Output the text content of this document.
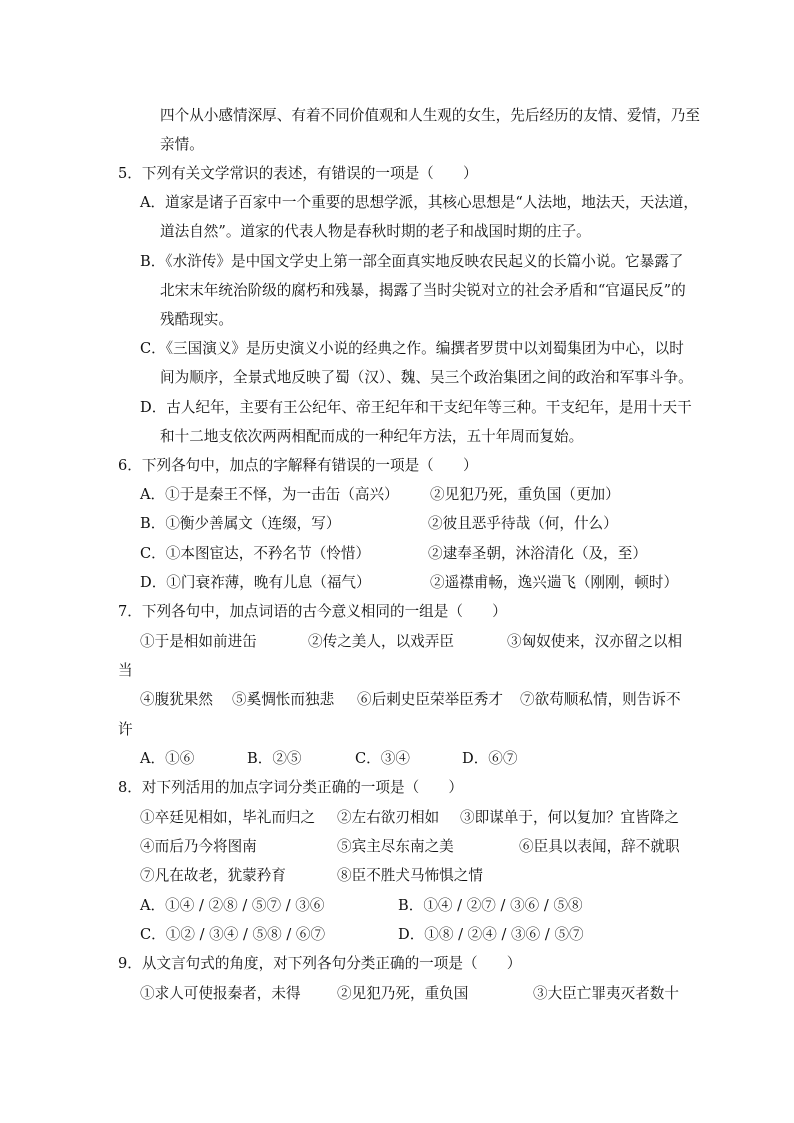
四个从小感情深厚、有着不同价值观和人生观的女生，先后经历的友情、爱情，乃至
亲情。
5．下列有关文学常识的表述，有错误的一项是（　　）
A．道家是诸子百家中一个重要的思想学派，其核心思想是“人法地，地法天，天法道，
道法自然”。道家的代表人物是春秋时期的老子和战国时期的庄子。
B．《水浒传》是中国文学史上第一部全面真实地反映农民起义的长篇小说。它暴露了
北宋末年统治阶级的腐朽和残暴，揭露了当时尖锐对立的社会矛盾和“官逼民反”的
残酷现实。
C．《三国演义》是历史演义小说的经典之作。编撰者罗贯中以刘蜀集团为中心，以时
间为顺序，全景式地反映了蜀（汉）、魏、吴三个政治集团之间的政治和军事斗争。
D．古人纪年，主要有王公纪年、帝王纪年和干支纪年等三种。干支纪年，是用十天干
和十二地支依次两两相配而成的一种纪年方法，五十年周而复始。
6．下列各句中，加点的字解释有错误的一项是（　　）
A．①于是秦王不怿，为一击缶（高兴） ②见犯乃死，重负国（更加）
B．①衡少善属文（连缀，写）	②彼且恶乎待哉（何，什么）
C．①本图宦达，不矜名节（怜惜）	②逮奉圣朝，沐浴清化（及，至）
D．①门衰祚薄，晚有儿息（福气）	②遥襟甫畅，逸兴遄飞（刚刚，顿时）
7．下列各句中，加点词语的古今意义相同的一组是（　　）
①于是相如前进缶	②传之美人，以戏弄臣	③匈奴使来，汉亦留之以相
当
④腹犹果然 ⑤奚惆怅而独悲 ⑥后刺史臣荣举臣秀才 ⑦欲苟顺私情，则告诉不
许
A．①⑥	B．②⑤	C．③④	D．⑥⑦
8．对下列活用的加点字词分类正确的一项是（　　）
①卒廷见相如，毕礼而归之 ②左右欲刃相如 ③即谋单于，何以复加？宜皆降之
④而后乃今将图南	⑤宾主尽东南之美	⑥臣具以表闻，辞不就职
⑦凡在故老，犹蒙矜育	⑧臣不胜犬马怖惧之情
A．①④ / ②⑧ / ⑤⑦ / ③⑥	B．①④ / ②⑦ / ③⑥ / ⑤⑧
C．①② / ③④ / ⑤⑧ / ⑥⑦	D．①⑧ / ②④ / ③⑥ / ⑤⑦
9．从文言句式的角度，对下列各句分类正确的一项是（　　）
①求人可使报秦者，未得 ②见犯乃死，重负国	③大臣亡罪夷灭者数十
